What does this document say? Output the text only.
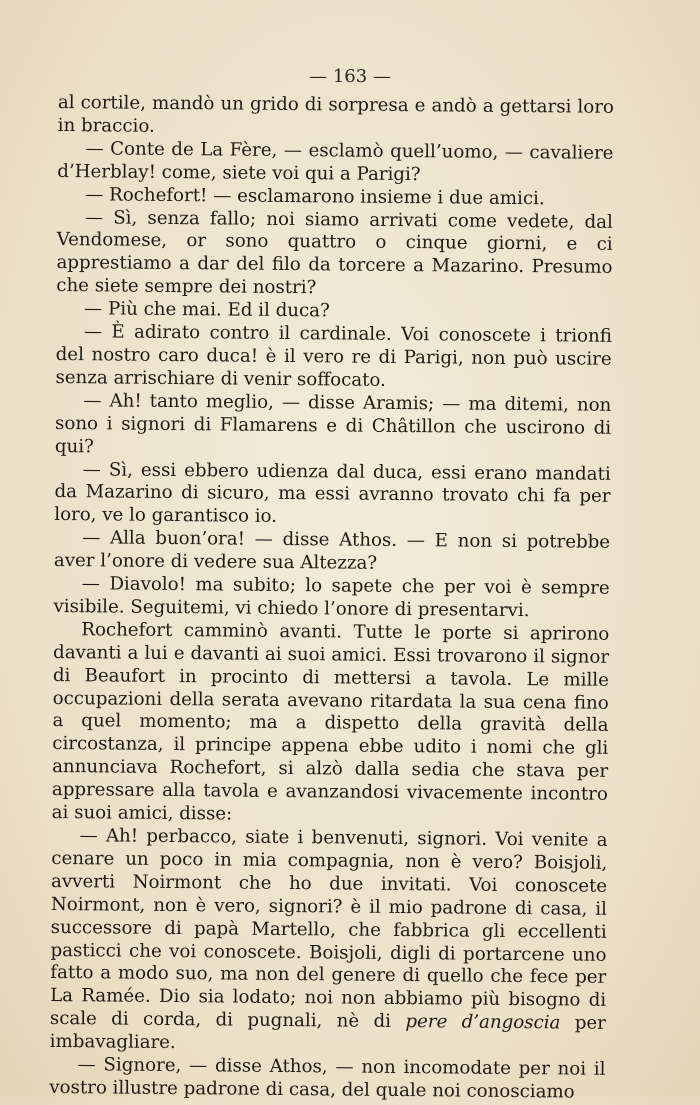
— 163 —

al cortile, mandò un grido di sorpresa e andò a gettarsi loro in braccio.

— Conte de La Fère, — esclamò quell’uomo, — cavaliere d’Herblay! come, siete voi qui a Parigi?

— Rochefort! — esclamarono insieme i due amici.

— Sì, senza fallo; noi siamo arrivati come vedete, dal Vendomese, or sono quattro o cinque giorni, e ci apprestiamo a dar del filo da torcere a Mazarino. Presumo che siete sempre dei nostri?

— Più che mai. Ed il duca?

— È adirato contro il cardinale. Voi conoscete i trionfi del nostro caro duca! è il vero re di Parigi, non può uscire senza arrischiare di venir soffocato.

— Ah! tanto meglio, — disse Aramis; — ma ditemi, non sono i signori di Flamarens e di Châtillon che uscirono di qui?

— Sì, essi ebbero udienza dal duca, essi erano mandati da Mazarino di sicuro, ma essi avranno trovato chi fa per loro, ve lo garantisco io.

— Alla buon’ora! — disse Athos. — E non si potrebbe aver l’onore di vedere sua Altezza?

— Diavolo! ma subito; lo sapete che per voi è sempre visibile. Seguitemi, vi chiedo l’onore di presentarvi.

Rochefort camminò avanti. Tutte le porte si aprirono davanti a lui e davanti ai suoi amici. Essi trovarono il signor di Beaufort in procinto di mettersi a tavola. Le mille occupazioni della serata avevano ritardata la sua cena fino a quel momento; ma a dispetto della gravità della circostanza, il principe appena ebbe udito i nomi che gli annunciava Rochefort, si alzò dalla sedia che stava per appressare alla tavola e avanzandosi vivacemente incontro ai suoi amici, disse:

— Ah! perbacco, siate i benvenuti, signori. Voi venite a cenare un poco in mia compagnia, non è vero? Boisjoli, avverti Noirmont che ho due invitati. Voi conoscete Noirmont, non è vero, signori? è il mio padrone di casa, il successore di papà Martello, che fabbrica gli eccellenti pasticci che voi conoscete. Boisjoli, digli di portarcene uno fatto a modo suo, ma non del genere di quello che fece per La Ramée. Dio sia lodato; noi non abbiamo più bisogno di scale di corda, di pugnali, nè di pere d’angoscia per imbavagliare.

— Signore, — disse Athos, — non incomodate per noi il vostro illustre padrone di casa, del quale noi conosciamo
